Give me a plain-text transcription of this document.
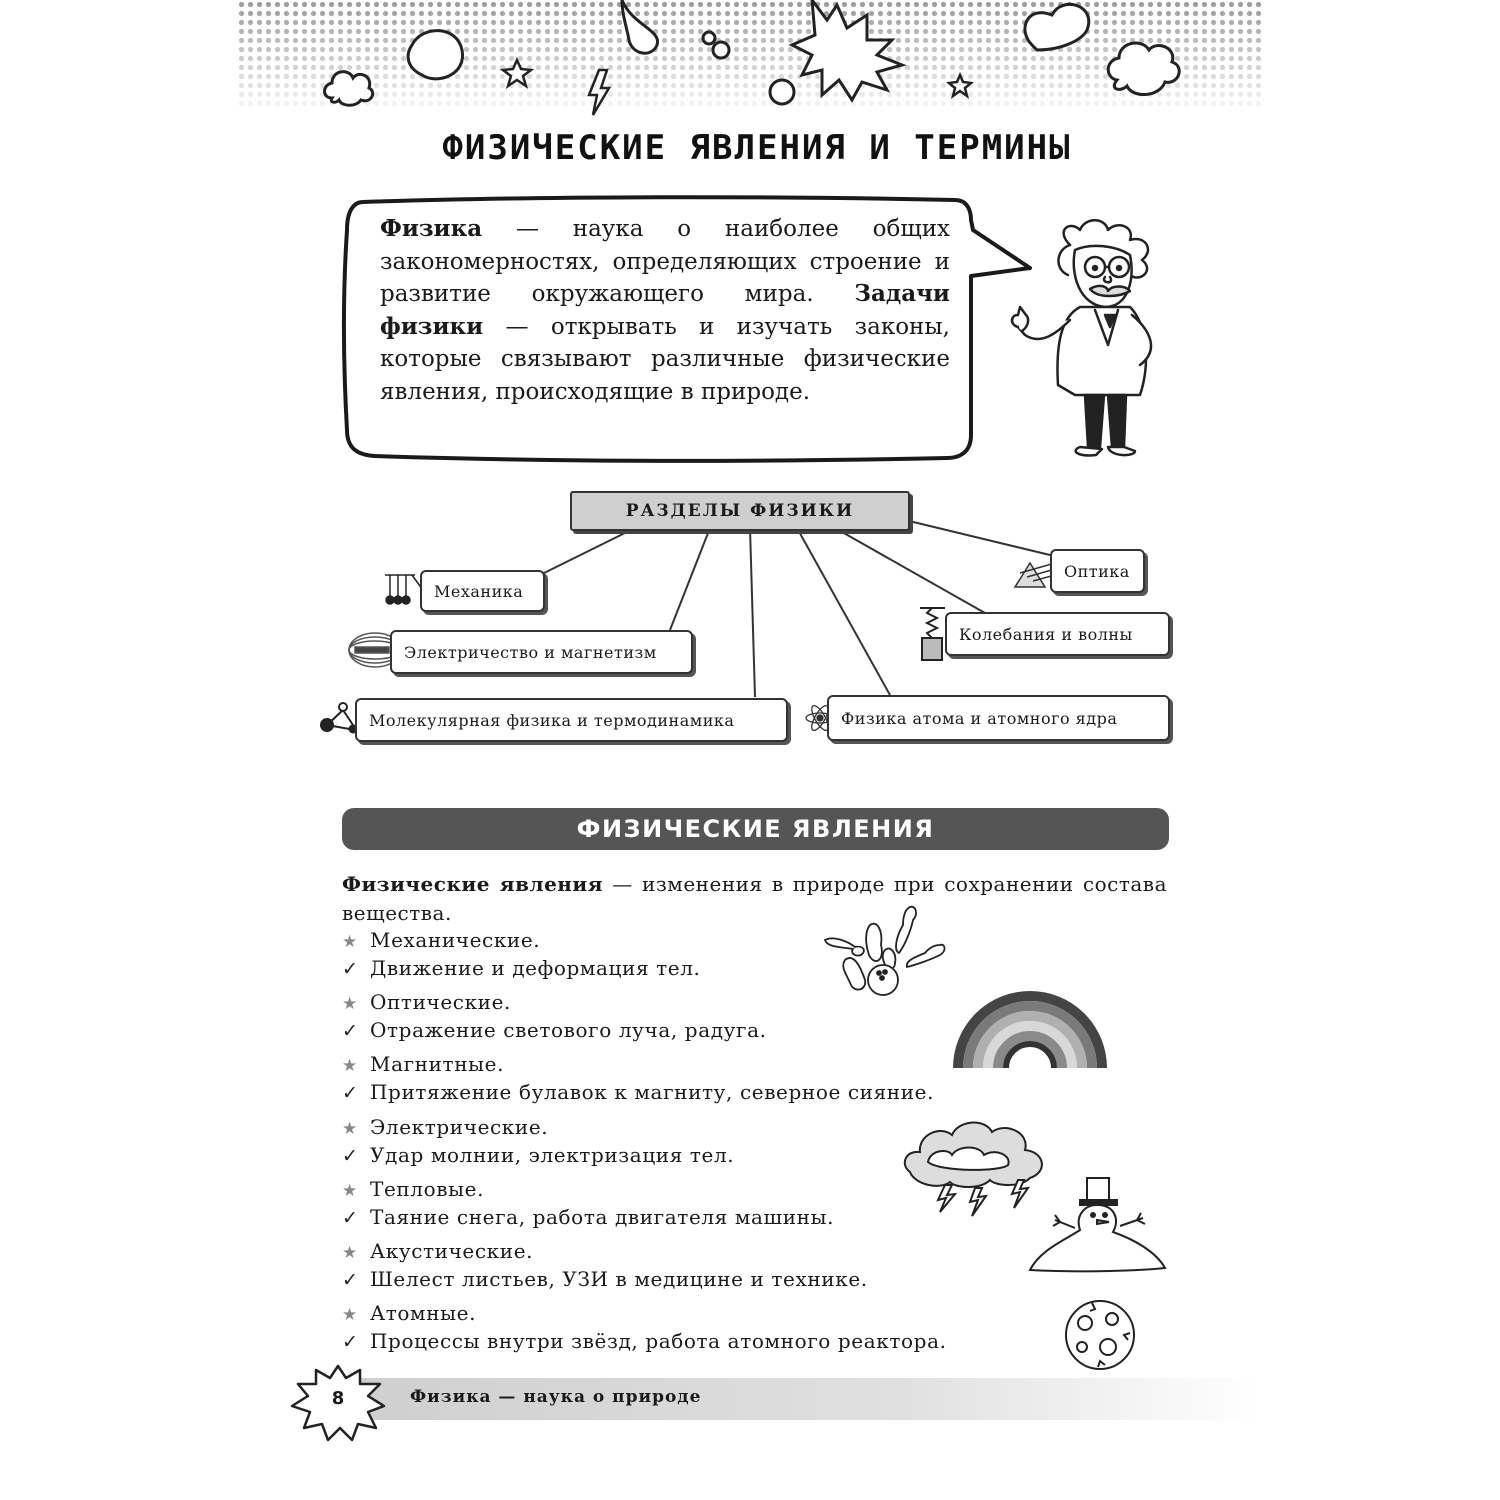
ФИЗИЧЕСКИЕ ЯВЛЕНИЯ И ТЕРМИНЫ
Физика — наука о наиболее общих закономерностях, определяющих строение и развитие окружающего мира. Задачи физики — открывать и изучать законы, которые связывают различные физические явления, происходящие в природе.
РАЗДЕЛЫ ФИЗИКИ
Механика
Электричество и магнетизм
Молекулярная физика и термодинамика
Оптика
Колебания и волны
Физика атома и атомного ядра
ФИЗИЧЕСКИЕ ЯВЛЕНИЯ
Физические явления — изменения в природе при сохранении состава вещества.
★ Механические.
✓ Движение и деформация тел.
★ Оптические.
✓ Отражение светового луча, радуга.
★ Магнитные.
✓ Притяжение булавок к магниту, северное сияние.
★ Электрические.
✓ Удар молнии, электризация тел.
★ Тепловые.
✓ Таяние снега, работа двигателя машины.
★ Акустические.
✓ Шелест листьев, УЗИ в медицине и технике.
★ Атомные.
✓ Процессы внутри звёзд, работа атомного реактора.
8	Физика — наука о природе
